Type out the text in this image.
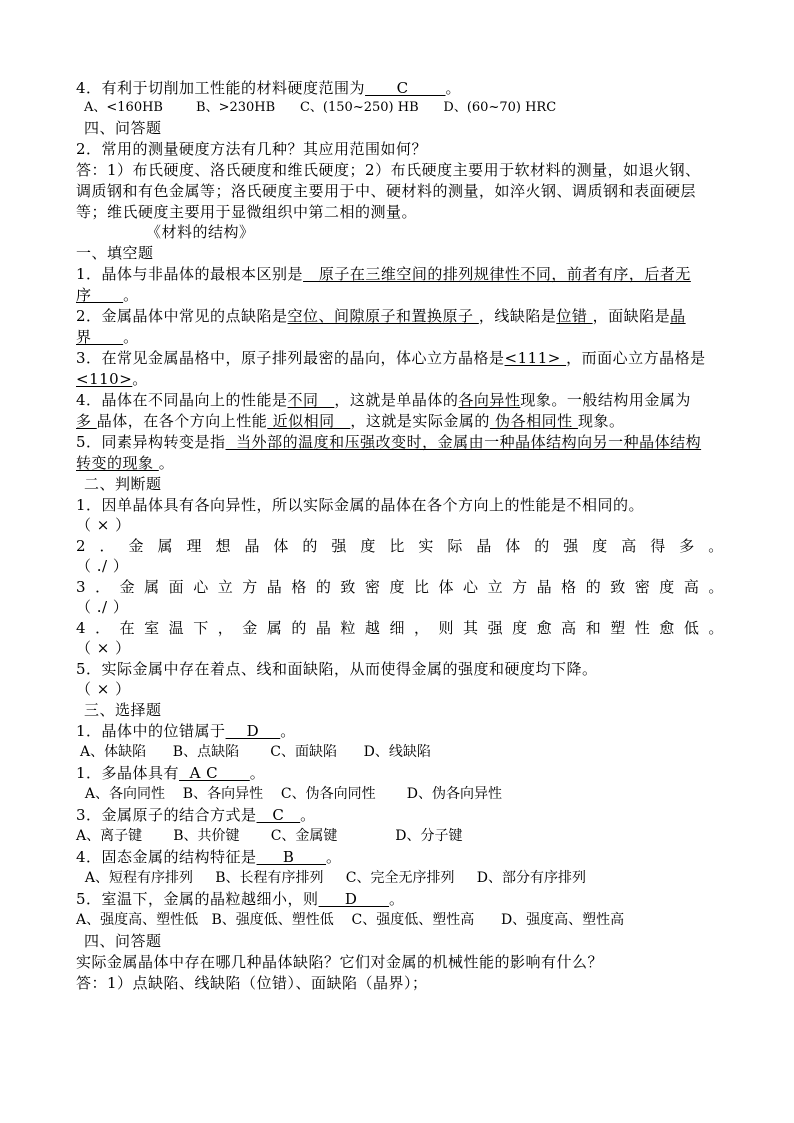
4．有利于切削加工性能的材料硬度范围为      C       。
A、<160HB        B、>230HB      C、(150~250) HB      D、(60~70) HRC
四、问答题
2．常用的测量硬度方法有几种？其应用范围如何？
答：1）布氏硬度、洛氏硬度和维氏硬度；2）布氏硬度主要用于软材料的测量，如退火钢、
调质钢和有色金属等；洛氏硬度主要用于中、硬材料的测量，如淬火钢、调质钢和表面硬层
等；维氏硬度主要用于显微组织中第二相的测量。
《材料的结构》
一、填空题
1．晶体与非晶体的最根本区别是   原子在三维空间的排列规律性不同，前者有序，后者无
序      。
2．金属晶体中常见的点缺陷是空位、间隙原子和置换原子 ，线缺陷是位错 ，面缺陷是晶
界      。
3．在常见金属晶格中，原子排列最密的晶向，体心立方晶格是<111> ，而面心立方晶格是
<110>。
4．晶体在不同晶向上的性能是不同   ，这就是单晶体的各向异性现象。一般结构用金属为
多 晶体，在各个方向上性能 近似相同   ，这就是实际金属的 伪各相同性 现象。
5．同素异构转变是指  当外部的温度和压强改变时，金属由一种晶体结构向另一种晶体结构
转变的现象 。
二、判断题
1．因单晶体具有各向异性，所以实际金属的晶体在各个方向上的性能是不相同的。
（ × ）
2 ． 金 属 理 想 晶 体 的 强 度 比 实 际 晶 体 的 强 度 高 得 多 。
（ ./ ）
3 ． 金 属 面 心 立 方 晶 格 的 致 密 度 比 体 心 立 方 晶 格 的 致 密 度 高 。
（ ./ ）
4 ． 在 室 温 下 ， 金 属 的 晶 粒 越 细 ， 则 其 强 度 愈 高 和 塑 性 愈 低 。
（ × ）
5．实际金属中存在着点、线和面缺陷，从而使得金属的强度和硬度均下降。
（ × ）
三、选择题
1．晶体中的位错属于    D    。
A、体缺陷      B、点缺陷       C、面缺陷      D、线缺陷
1．多晶体具有  A C      。
A、各向同性    B、各向异性    C、伪各向同性       D、伪各向异性
3．金属原子的结合方式是   C   。
A、离子键       B、共价键       C、金属键             D、分子键
4．固态金属的结构特征是     B      。
A、短程有序排列     B、长程有序排列     C、完全无序排列     D、部分有序排列
5．室温下，金属的晶粒越细小，则     D      。
A、强度高、塑性低   B、强度低、塑性低    C、强度低、塑性高      D、强度高、塑性高
四、问答题
实际金属晶体中存在哪几种晶体缺陷？它们对金属的机械性能的影响有什么？
答：1）点缺陷、线缺陷（位错）、面缺陷（晶界）；
